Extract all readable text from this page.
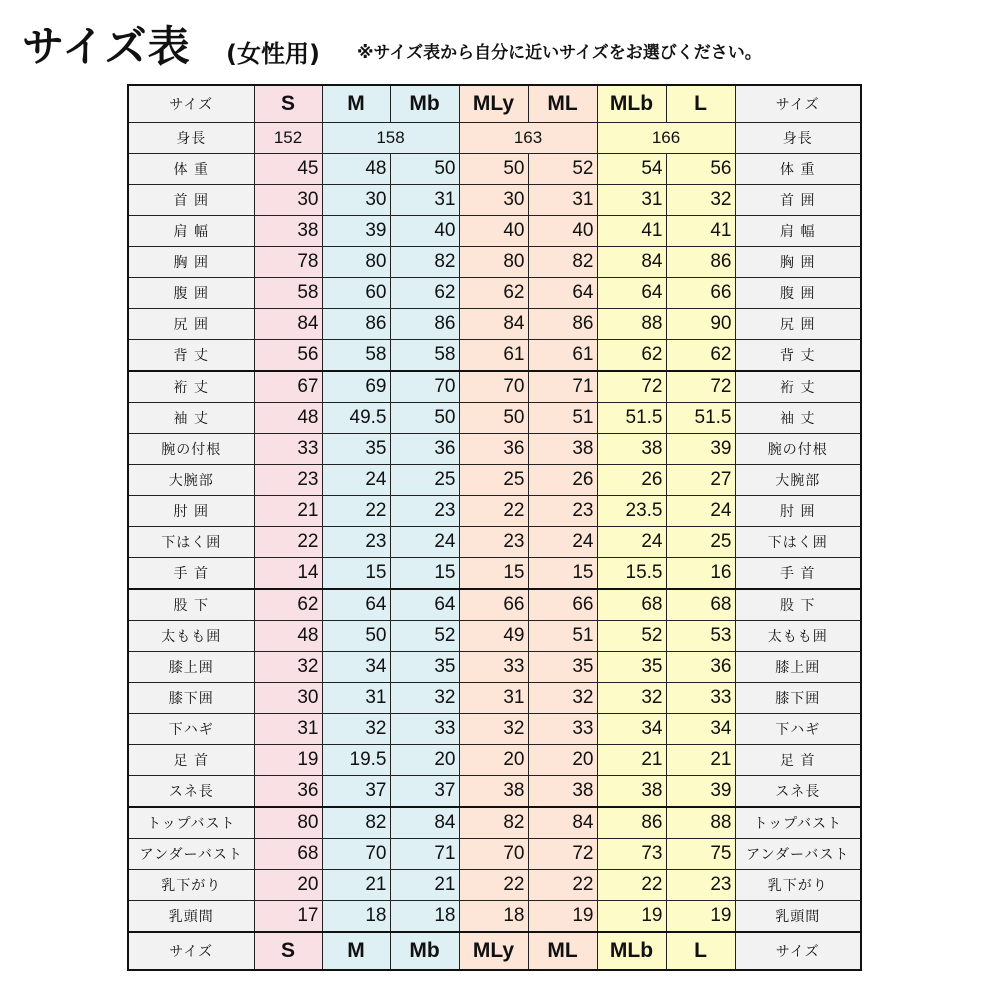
サイズ表 (女性用) ※サイズ表から自分に近いサイズをお選びください。
サイズ	S	M	Mb	MLy	ML	MLb	L	サイズ
身長	152	158		163		166		身長
体 重	45	48	50	50	52	54	56	体 重
首 囲	30	30	31	30	31	31	32	首 囲
肩 幅	38	39	40	40	40	41	41	肩 幅
胸 囲	78	80	82	80	82	84	86	胸 囲
腹 囲	58	60	62	62	64	64	66	腹 囲
尻 囲	84	86	86	84	86	88	90	尻 囲
背 丈	56	58	58	61	61	62	62	背 丈
裄 丈	67	69	70	70	71	72	72	裄 丈
袖 丈	48	49.5	50	50	51	51.5	51.5	袖 丈
腕の付根	33	35	36	36	38	38	39	腕の付根
大腕部	23	24	25	25	26	26	27	大腕部
肘 囲	21	22	23	22	23	23.5	24	肘 囲
下はく囲	22	23	24	23	24	24	25	下はく囲
手 首	14	15	15	15	15	15.5	16	手 首
股 下	62	64	64	66	66	68	68	股 下
太もも囲	48	50	52	49	51	52	53	太もも囲
膝上囲	32	34	35	33	35	35	36	膝上囲
膝下囲	30	31	32	31	32	32	33	膝下囲
下ハギ	31	32	33	32	33	34	34	下ハギ
足 首	19	19.5	20	20	20	21	21	足 首
スネ長	36	37	37	38	38	38	39	スネ長
トップバスト	80	82	84	82	84	86	88	トップバスト
アンダーバスト	68	70	71	70	72	73	75	アンダーバスト
乳下がり	20	21	21	22	22	22	23	乳下がり
乳頭間	17	18	18	18	19	19	19	乳頭間
サイズ	S	M	Mb	MLy	ML	MLb	L	サイズ
